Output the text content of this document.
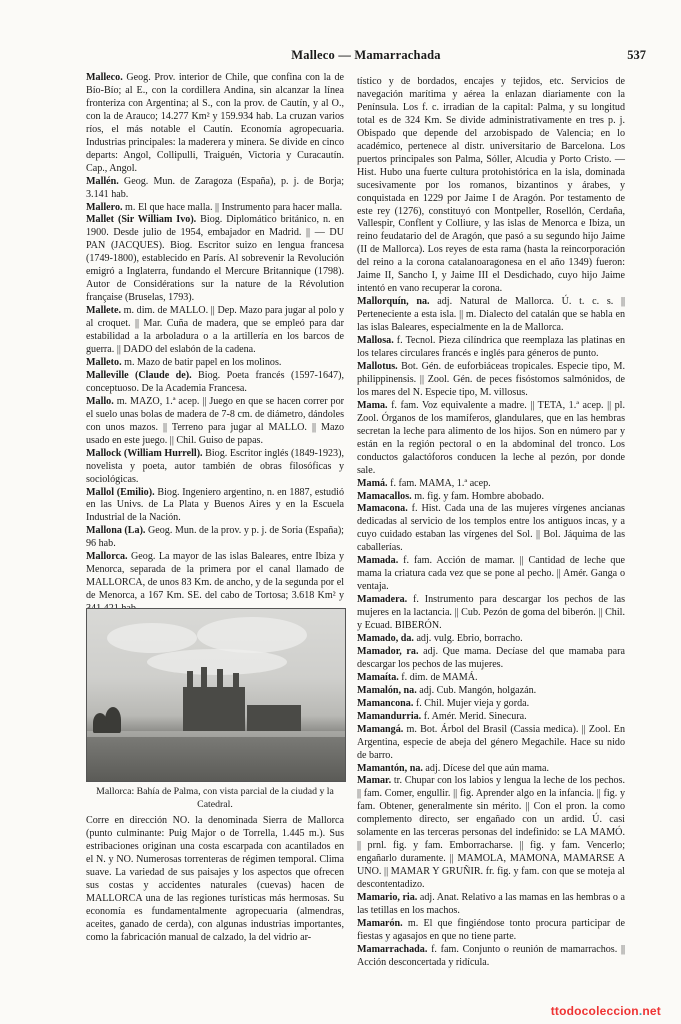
Malleco — Mamarrachada	537

Malleco. Geog. Prov. interior de Chile, que confina con la de Bío-Bío; al E., con la cordillera Andina, sin alcanzar la línea fronteriza con Argentina; al S., con la prov. de Cautín, y al O., con la de Arauco; 14.277 Km² y 159.934 hab. La cruzan varios ríos, el más notable el Cautín. Economía agropecuaria. Industrias principales: la maderera y minera. Se divide en cinco departs: Angol, Collipulli, Traiguén, Victoria y Curacautín. Cap., Angol.

Mallén. Geog. Mun. de Zaragoza (España), p. j. de Borja; 3.141 hab.

Mallero. m. El que hace malla. || Instrumento para hacer malla.

Mallet (Sir William Ivo). Biog. Diplomático británico, n. en 1900. Desde julio de 1954, embajador en Madrid. || — DU PAN (JACQUES). Biog. Escritor suizo en lengua francesa (1749-1800), establecido en París. Al sobrevenir la Revolución emigró a Inglaterra, fundando el Mercure Britannique (1798). Autor de Considérations sur la nature de la Révolution française (Bruselas, 1793).

Mallete. m. dim. de MALLO. || Dep. Mazo para jugar al polo y al croquet. || Mar. Cuña de madera, que se empleó para dar estabilidad a la arboladura o a la artillería en los barcos de guerra. || DADO del eslabón de la cadena.

Malleto. m. Mazo de batir papel en los molinos.

Malleville (Claude de). Biog. Poeta francés (1597-1647), conceptuoso. De la Academia Francesa.

Mallo. m. MAZO, 1.ª acep. || Juego en que se hacen correr por el suelo unas bolas de madera de 7-8 cm. de diámetro, dándoles con unos mazos. || Terreno para jugar al MALLO. || Mazo usado en este juego. || Chil. Guiso de papas.

Mallock (William Hurrell). Biog. Escritor inglés (1849-1923), novelista y poeta, autor también de obras filosóficas y sociológicas.

Mallol (Emilio). Biog. Ingeniero argentino, n. en 1887, estudió en las Univs. de La Plata y Buenos Aires y en la Escuela Industrial de la Nación.

Mallona (La). Geog. Mun. de la prov. y p. j. de Soria (España); 96 hab.

Mallorca. Geog. La mayor de las islas Baleares, entre Ibiza y Menorca, separada de la primera por el canal llamado de MALLORCA, de unos 83 Km. de ancho, y de la segunda por el de Menorca, a 167 Km. SE. del cabo de Tortosa; 3.618 Km² y

Mallorca: Bahía de Palma, con vista parcial de la ciudad y la Catedral.
Corre en dirección NO. la denominada Sierra de Mallorca (punto culminante: Puig Major o de Torrella, 1.445 m.). Sus estribaciones originan una costa escarpada con acantilados en el N. y NO. Numerosas torrenteras de régimen temporal. Clima suave. La variedad de sus paisajes y los aspectos que ofrecen sus costas y accidentes naturales (cuevas) hacen de MALLORCA una de las regiones turísticas más hermosas. Su economía es fundamentalmente agropecuaria (almendras, aceites, ganado de cerda), con algunas industrias importantes, como la fabricación manual de calzado, la del vidrio ar-

tístico y de bordados, encajes y tejidos, etc. Servicios de navegación marítima y aérea la enlazan diariamente con la Península. Los f. c. irradian de la capital: Palma, y su longitud total es de 324 Km. Se divide administrativamente en tres p. j. Obispado que depende del arzobispado de Valencia; en lo académico, pertenece al distr. universitario de Barcelona. Los puertos principales son Palma, Sóller, Alcudia y Porto Cristo. — Hist. Hubo una fuerte cultura protohistórica en la isla, dominada sucesivamente por los romanos, bizantinos y árabes, y conquistada en 1229 por Jaime I de Aragón. Por testamento de este rey (1276), constituyó con Montpeller, Rosellón, Cerdaña, Vallespir, Conflent y Colliure, y las islas de Menorca e Ibiza, un reino feudatario del de Aragón, que pasó a su segundo hijo Jaime (II de Mallorca). Los reyes de esta rama (hasta la reincorporación del reino a la corona catalanoaragonesa en el año 1349) fueron: Jaime II, Sancho I, y Jaime III el Desdichado, cuyo hijo Jaime intentó en vano recuperar la corona.

Mallorquín, na. adj. Natural de Mallorca. Ú. t. c. s. || Perteneciente a esta isla. || m. Dialecto del catalán que se habla en las islas Baleares, especialmente en la de Mallorca.

Mallosa. f. Tecnol. Pieza cilíndrica que reemplaza las platinas en los telares circulares francés e inglés para géneros de punto.

Mallotus. Bot. Gén. de euforbiáceas tropicales. Especie tipo, M. philippinensis. || Zool. Gén. de peces fisóstomos salmónidos, de los mares del N. Especie tipo, M. villosus.

Mama. f. fam. Voz equivalente a madre. || TETA, 1.ª acep. || pl. Zool. Órganos de los mamíferos, glandulares, que en las hembras secretan la leche para alimento de los hijos. Son en número par y están en la región pectoral o en la abdominal del tronco. Los conductos galactóforos conducen la leche al pezón, por donde sale.

Mamá. f. fam. MAMA, 1.ª acep.

Mamacallos. m. fig. y fam. Hombre abobado.

Mamacona. f. Hist. Cada una de las mujeres vírgenes ancianas dedicadas al servicio de los templos entre los antiguos incas, y a cuyo cuidado estaban las vírgenes del Sol. || Bol. Jáquima de las caballerías.

Mamada. f. fam. Acción de mamar. || Cantidad de leche que mama la criatura cada vez que se pone al pecho. || Amér. Ganga o ventaja.

Mamadera. f. Instrumento para descargar los pechos de las mujeres en la lactancia. || Cub. Pezón de goma del biberón. || Chil. y Ecuad. BIBERÓN.

Mamado, da. adj. vulg. Ebrio, borracho.

Mamador, ra. adj. Que mama. Decíase del que mamaba para descargar los pechos de las mujeres.

Mamaíta. f. dim. de MAMÁ.

Mamalón, na. adj. Cub. Mangón, holgazán.

Mamancona. f. Chil. Mujer vieja y gorda.

Mamandurria. f. Amér. Merid. Sinecura.

Mamangá. m. Bot. Árbol del Brasil (Cassia medica). || Zool. En Argentina, especie de abeja del género Megachile. Hace su nido de barro.

Mamantón, na. adj. Dícese del que aún mama.

Mamar. tr. Chupar con los labios y lengua la leche de los pechos. || fam. Comer, engullir. || fig. Aprender algo en la infancia. || fig. y fam. Obtener, generalmente sin mérito. || Con el pron. la como complemento directo, ser engañado con un ardid. Ú. casi solamente en las terceras personas del indefinido: se LA MAMÓ. || prnl. fig. y fam. Emborracharse. || fig. y fam. Vencerlo; engañarlo duramente. || MAMOLA, MAMONA, MAMARSE A UNO. || MAMAR Y GRUÑIR. fr. fig. y fam. con que se moteja al descontentadizo.

Mamario, ria. adj. Anat. Relativo a las mamas en las hembras o a las tetillas en los machos.

Mamarón. m. El que fingiéndose tonto procura participar de fiestas y agasajos en que no tiene parte.

Mamarrachada. f. fam. Conjunto o reunión de mamarrachos. || Acción desconcertada y ridícula.

ttodocoleccion.net
